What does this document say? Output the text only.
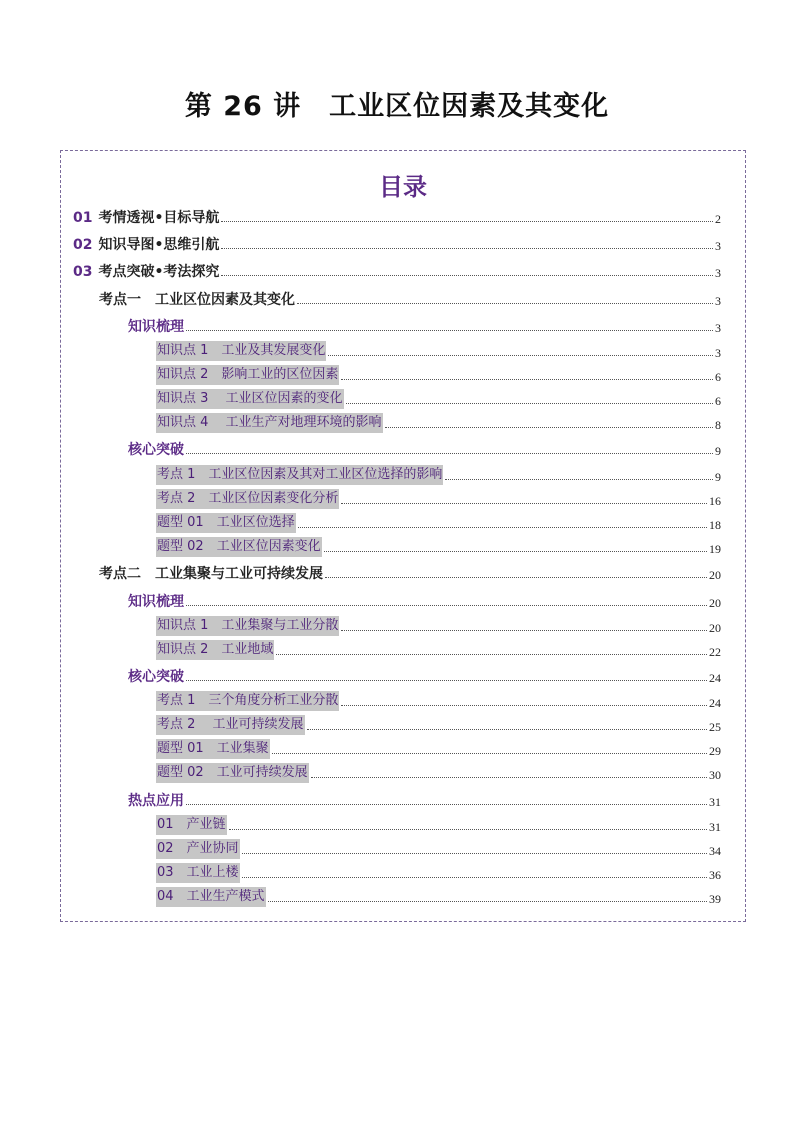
第 26 讲　工业区位因素及其变化
目录
01 考情透视•目标导航	2
02 知识导图•思维引航	3
03 考点突破•考法探究	3
考点一　工业区位因素及其变化	3
知识梳理	3
知识点 1　工业及其发展变化	3
知识点 2　影响工业的区位因素	6
知识点 3　 工业区位因素的变化	6
知识点 4　 工业生产对地理环境的影响	8
核心突破	9
考点 1　工业区位因素及其对工业区位选择的影响	9
考点 2　工业区位因素变化分析	16
题型 01　工业区位选择	18
题型 02　工业区位因素变化	19
考点二　工业集聚与工业可持续发展	20
知识梳理	20
知识点 1　工业集聚与工业分散	20
知识点 2　工业地域	22
核心突破	24
考点 1　三个角度分析工业分散	24
考点 2　 工业可持续发展	25
题型 01　工业集聚	29
题型 02　工业可持续发展	30
热点应用	31
01　产业链	31
02　产业协同	34
03　工业上楼	36
04　工业生产模式	39
